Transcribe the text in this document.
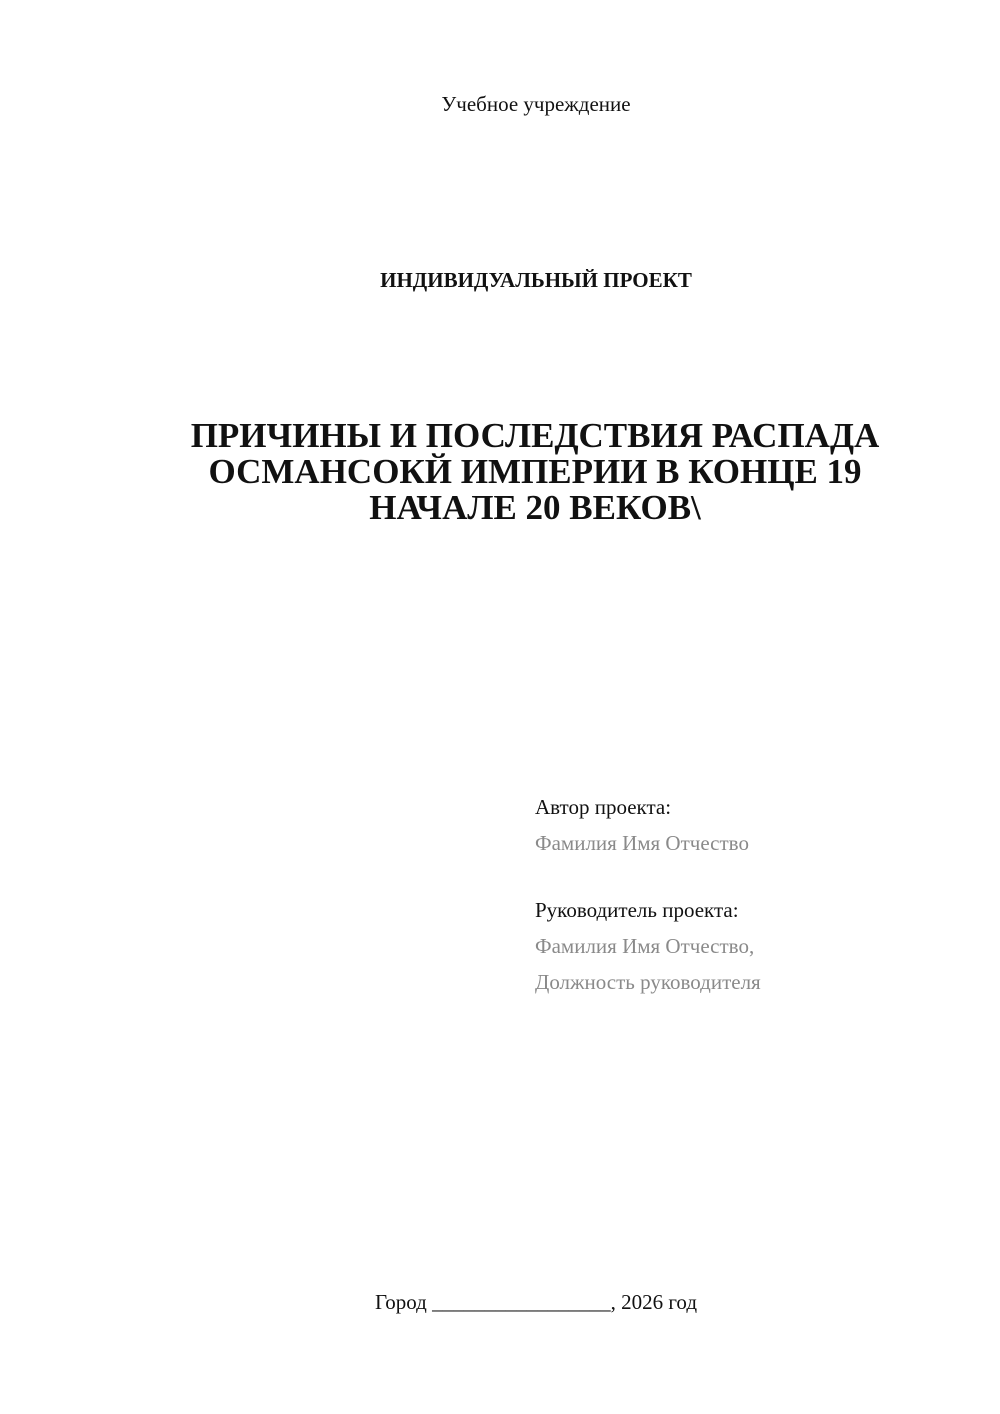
Учебное учреждение
ИНДИВИДУАЛЬНЫЙ ПРОЕКТ
ПРИЧИНЫ И ПОСЛЕДСТВИЯ РАСПАДА
ОСМАНСОКЙ ИМПЕРИИ В КОНЦЕ 19
НАЧАЛЕ 20 ВЕКОВ\
Автор проекта:
Фамилия Имя Отчество
Руководитель проекта:
Фамилия Имя Отчество,
Должность руководителя
Город _________________, 2026 год
